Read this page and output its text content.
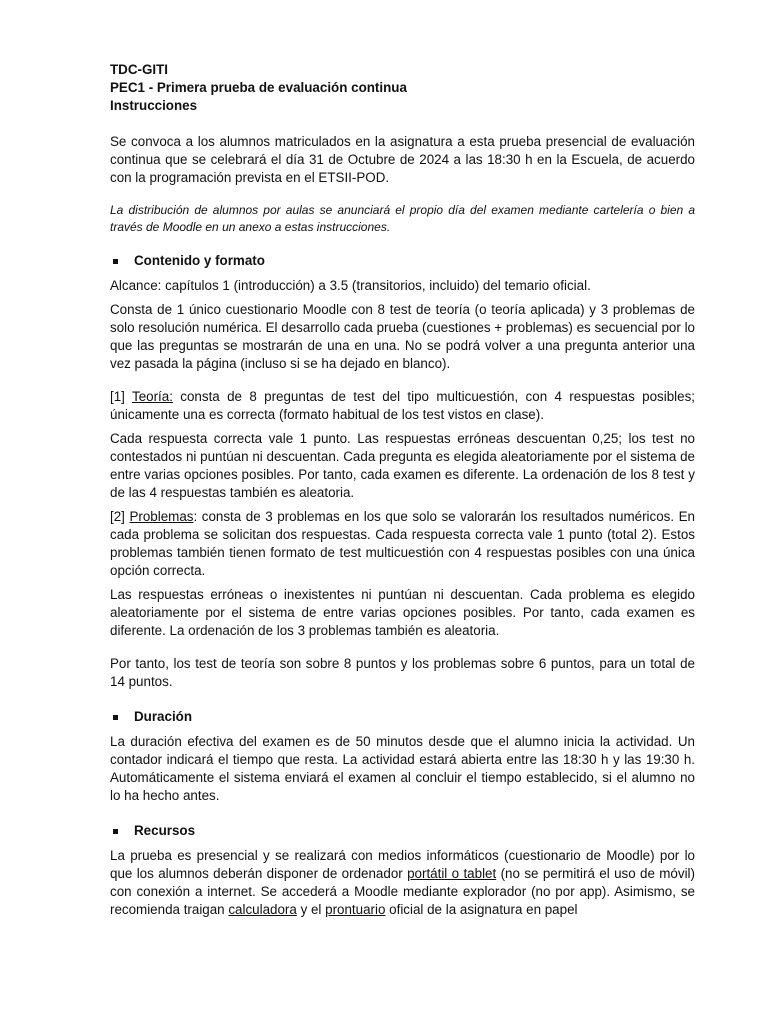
TDC-GITI
PEC1 - Primera prueba de evaluación continua
Instrucciones

Se convoca a los alumnos matriculados en la asignatura a esta prueba presencial de evaluación continua que se celebrará el día 31 de Octubre de 2024 a las 18:30 h en la Escuela, de acuerdo con la programación prevista en el ETSII-POD.

La distribución de alumnos por aulas se anunciará el propio día del examen mediante cartelería o bien a través de Moodle en un anexo a estas instrucciones.

Contenido y formato

Alcance: capítulos 1 (introducción) a 3.5 (transitorios, incluido) del temario oficial.

Consta de 1 único cuestionario Moodle con 8 test de teoría (o teoría aplicada) y 3 problemas de solo resolución numérica. El desarrollo cada prueba (cuestiones + problemas) es secuencial por lo que las preguntas se mostrarán de una en una. No se podrá volver a una pregunta anterior una vez pasada la página (incluso si se ha dejado en blanco).

[1] Teoría: consta de 8 preguntas de test del tipo multicuestión, con 4 respuestas posibles; únicamente una es correcta (formato habitual de los test vistos en clase).

Cada respuesta correcta vale 1 punto. Las respuestas erróneas descuentan 0,25; los test no contestados ni puntúan ni descuentan. Cada pregunta es elegida aleatoriamente por el sistema de entre varias opciones posibles. Por tanto, cada examen es diferente. La ordenación de los 8 test y de las 4 respuestas también es aleatoria.

[2] Problemas: consta de 3 problemas en los que solo se valorarán los resultados numéricos. En cada problema se solicitan dos respuestas. Cada respuesta correcta vale 1 punto (total 2). Estos problemas también tienen formato de test multicuestión con 4 respuestas posibles con una única opción correcta.

Las respuestas erróneas o inexistentes ni puntúan ni descuentan. Cada problema es elegido aleatoriamente por el sistema de entre varias opciones posibles. Por tanto, cada examen es diferente. La ordenación de los 3 problemas también es aleatoria.

Por tanto, los test de teoría son sobre 8 puntos y los problemas sobre 6 puntos, para un total de 14 puntos.

Duración

La duración efectiva del examen es de 50 minutos desde que el alumno inicia la actividad. Un contador indicará el tiempo que resta. La actividad estará abierta entre las 18:30 h y las 19:30 h. Automáticamente el sistema enviará el examen al concluir el tiempo establecido, si el alumno no lo ha hecho antes.

Recursos

La prueba es presencial y se realizará con medios informáticos (cuestionario de Moodle) por lo que los alumnos deberán disponer de ordenador portátil o tablet (no se permitirá el uso de móvil) con conexión a internet. Se accederá a Moodle mediante explorador (no por app). Asimismo, se recomienda traigan calculadora y el prontuario oficial de la asignatura en papel
